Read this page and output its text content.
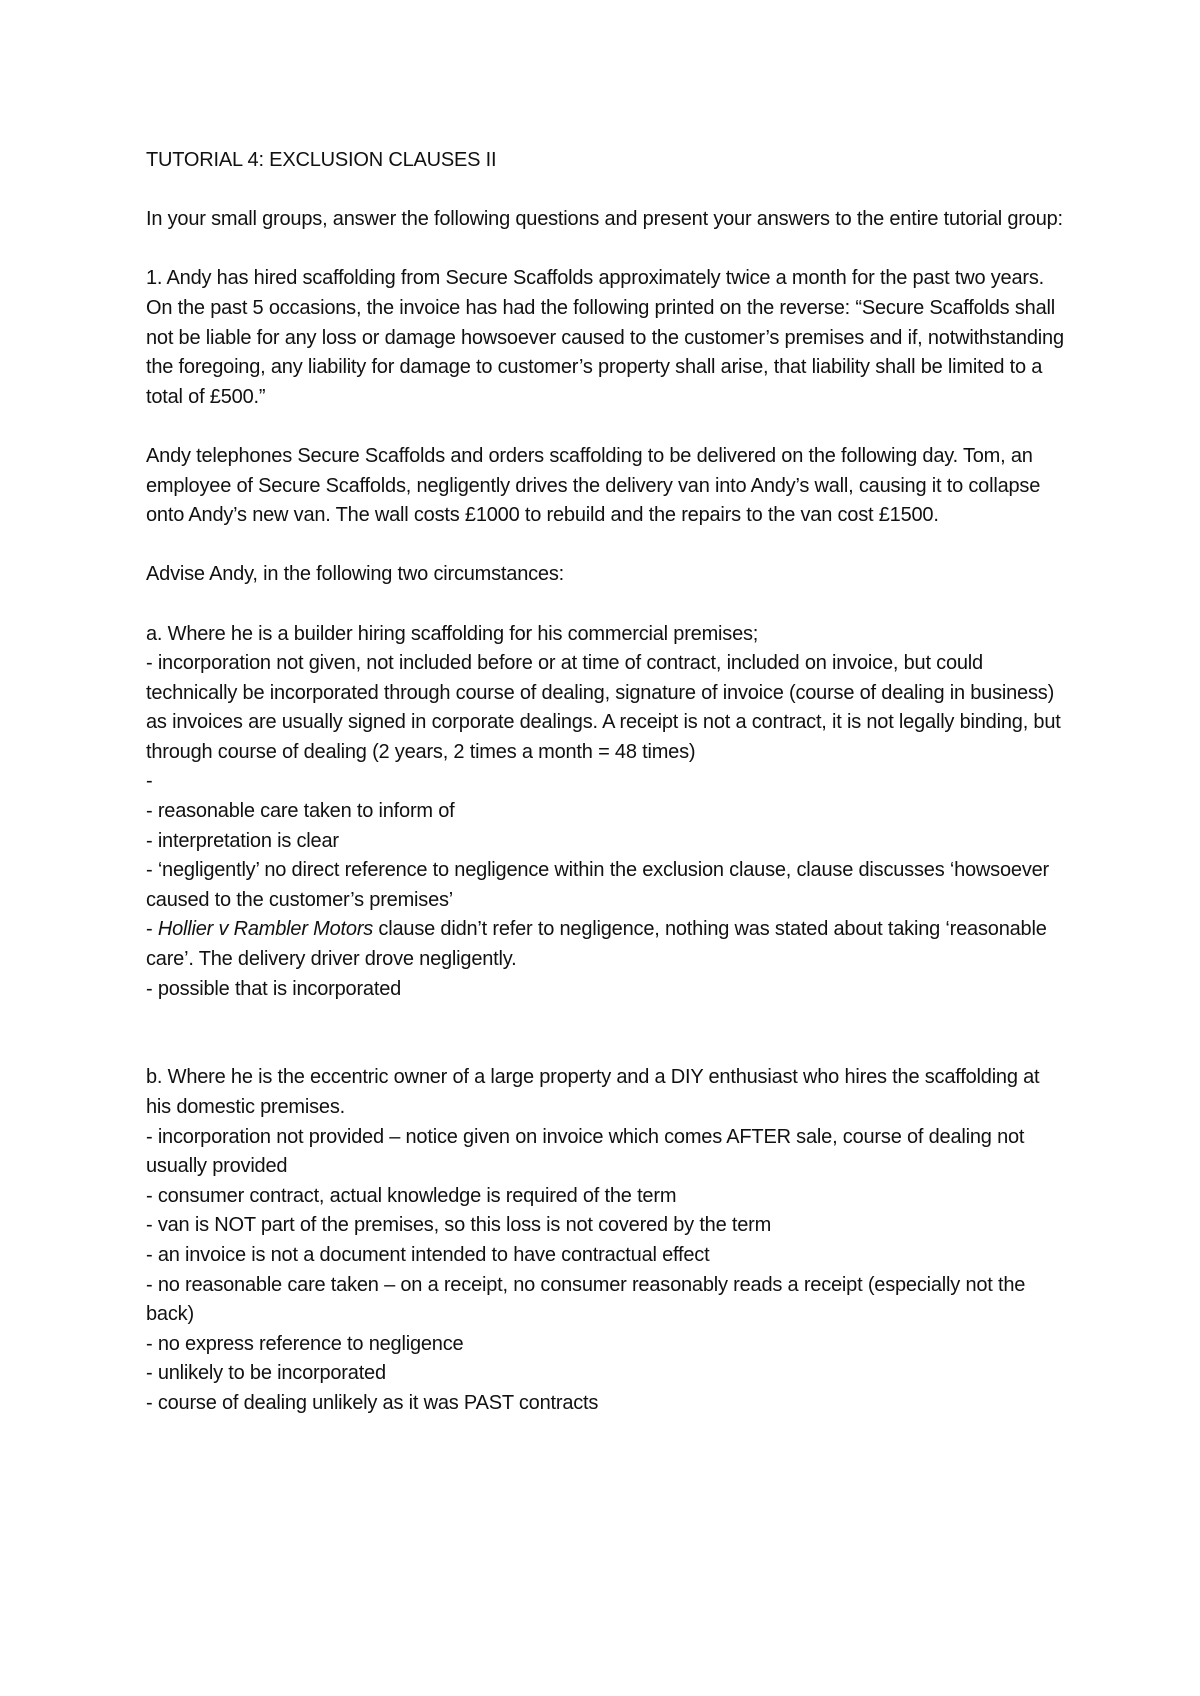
TUTORIAL 4: EXCLUSION CLAUSES II

In your small groups, answer the following questions and present your answers to the entire tutorial group:

1. Andy has hired scaffolding from Secure Scaffolds approximately twice a month for the past two years. On the past 5 occasions, the invoice has had the following printed on the reverse: “Secure Scaffolds shall not be liable for any loss or damage howsoever caused to the customer’s premises and if, notwithstanding the foregoing, any liability for damage to customer’s property shall arise, that liability shall be limited to a total of £500.”

Andy telephones Secure Scaffolds and orders scaffolding to be delivered on the following day. Tom, an employee of Secure Scaffolds, negligently drives the delivery van into Andy’s wall, causing it to collapse onto Andy’s new van. The wall costs £1000 to rebuild and the repairs to the van cost £1500.

Advise Andy, in the following two circumstances:

a. Where he is a builder hiring scaffolding for his commercial premises;

- incorporation not given, not included before or at time of contract, included on invoice, but could technically be incorporated through course of dealing, signature of invoice (course of dealing in business) as invoices are usually signed in corporate dealings. A receipt is not a contract, it is not legally binding, but through course of dealing (2 years, 2 times a month = 48 times)

-

- reasonable care taken to inform of

- interpretation is clear

- ‘negligently’ no direct reference to negligence within the exclusion clause, clause discusses ‘howsoever caused to the customer’s premises’

- Hollier v Rambler Motors clause didn’t refer to negligence, nothing was stated about taking ‘reasonable care’. The delivery driver drove negligently.

- possible that is incorporated

b. Where he is the eccentric owner of a large property and a DIY enthusiast who hires the scaffolding at his domestic premises.

- incorporation not provided – notice given on invoice which comes AFTER sale, course of dealing not usually provided

- consumer contract, actual knowledge is required of the term

- van is NOT part of the premises, so this loss is not covered by the term

- an invoice is not a document intended to have contractual effect

- no reasonable care taken – on a receipt, no consumer reasonably reads a receipt (especially not the back)

- no express reference to negligence

- unlikely to be incorporated

- course of dealing unlikely as it was PAST contracts
